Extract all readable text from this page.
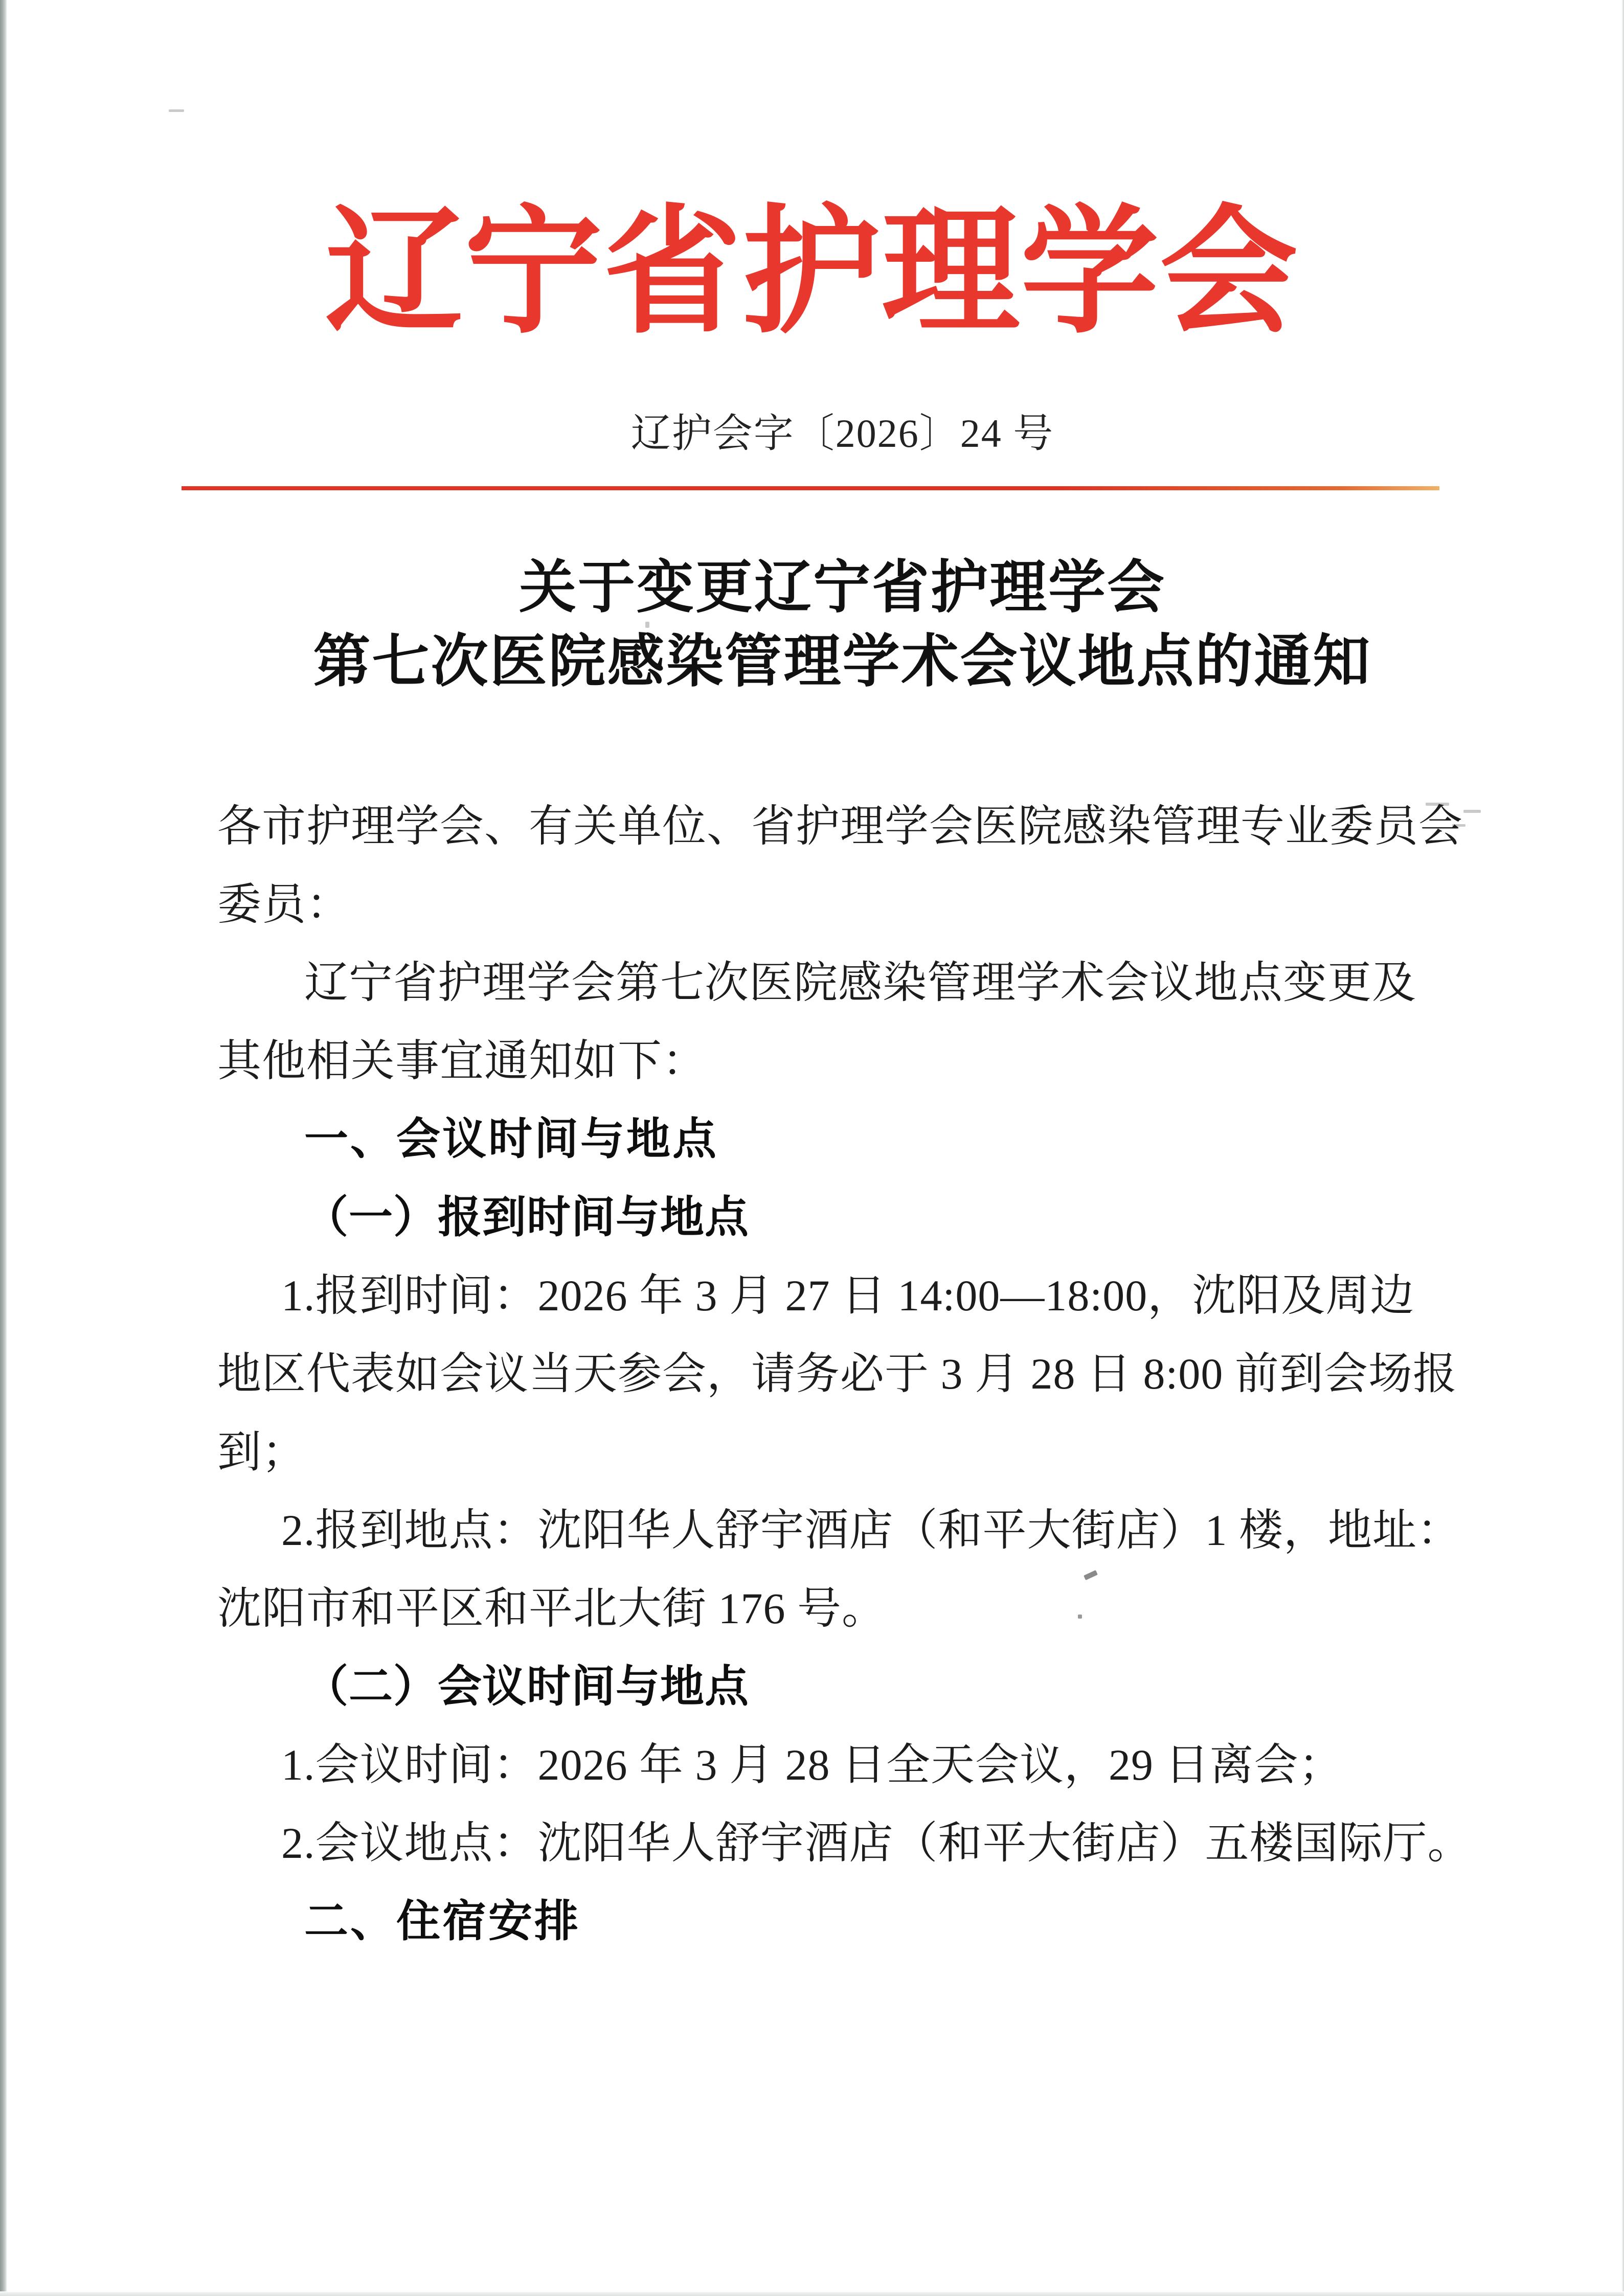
辽宁省护理学会
辽护会字〔2026〕24 号
关于变更辽宁省护理学会
第七次医院感染管理学术会议地点的通知

各市护理学会、有关单位、省护理学会医院感染管理专业委员会

委员：

辽宁省护理学会第七次医院感染管理学术会议地点变更及

其他相关事宜通知如下：

一、会议时间与地点

（一）报到时间与地点

1.报到时间：2026 年 3 月 27 日 14:00—18:00，沈阳及周边

地区代表如会议当天参会，请务必于 3 月 28 日 8:00 前到会场报

到；

2.报到地点：沈阳华人舒宇酒店（和平大街店）1 楼，地址：

沈阳市和平区和平北大街 176 号。

（二）会议时间与地点

1.会议时间：2026 年 3 月 28 日全天会议，29 日离会；

2.会议地点：沈阳华人舒宇酒店（和平大街店）五楼国际厅。

二、住宿安排
